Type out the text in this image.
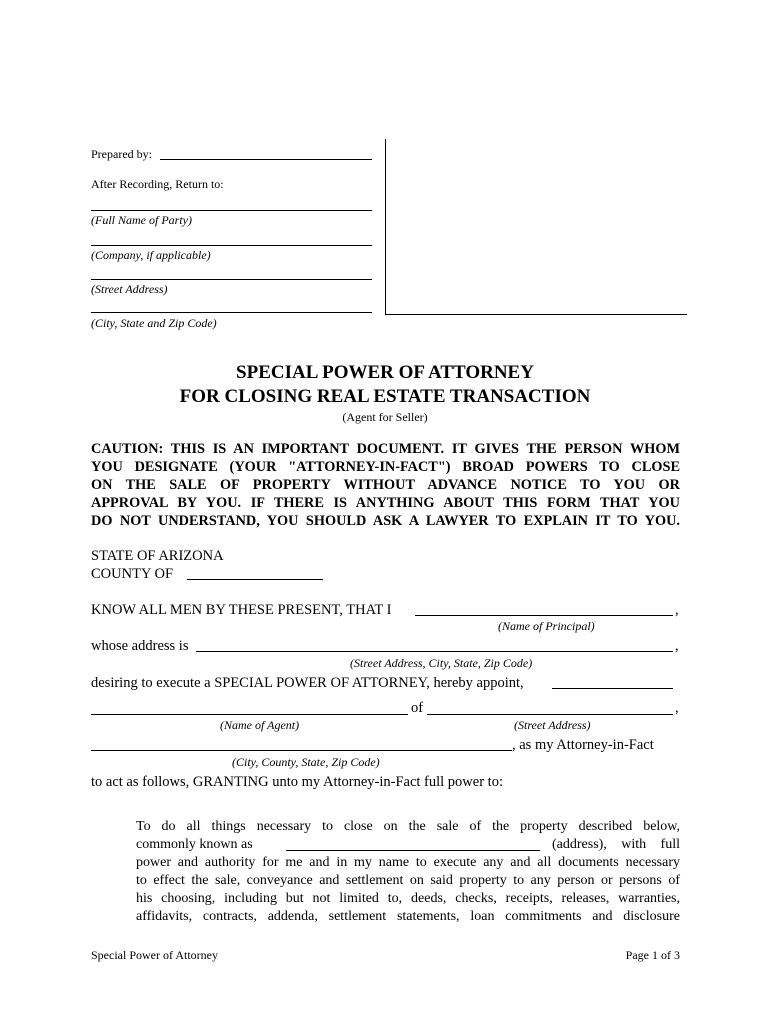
Prepared by:
After Recording, Return to:
(Full Name of Party)
(Company, if applicable)
(Street Address)
(City, State and Zip Code)
SPECIAL POWER OF ATTORNEY
FOR CLOSING REAL ESTATE TRANSACTION
(Agent for Seller)
CAUTION: THIS IS AN IMPORTANT DOCUMENT. IT GIVES THE PERSON WHOM
YOU DESIGNATE (YOUR "ATTORNEY-IN-FACT") BROAD POWERS TO CLOSE
ON THE SALE OF PROPERTY WITHOUT ADVANCE NOTICE TO YOU OR
APPROVAL BY YOU. IF THERE IS ANYTHING ABOUT THIS FORM THAT YOU
DO NOT UNDERSTAND, YOU SHOULD ASK A LAWYER TO EXPLAIN IT TO YOU.
STATE OF ARIZONA
COUNTY OF
KNOW ALL MEN BY THESE PRESENT, THAT I	,
(Name of Principal)
whose address is	,
(Street Address, City, State, Zip Code)
desiring to execute a SPECIAL POWER OF ATTORNEY, hereby appoint,
of	,
(Name of Agent)	(Street Address)
, as my Attorney-in-Fact
(City, County, State, Zip Code)
to act as follows, GRANTING unto my Attorney-in-Fact full power to:
To do all things necessary to close on the sale of the property described below,
commonly known as	(address), with full
power and authority for me and in my name to execute any and all documents necessary
to effect the sale, conveyance and settlement on said property to any person or persons of
his choosing, including but not limited to, deeds, checks, receipts, releases, warranties,
affidavits, contracts, addenda, settlement statements, loan commitments and disclosure
Special Power of Attorney	Page 1 of 3
